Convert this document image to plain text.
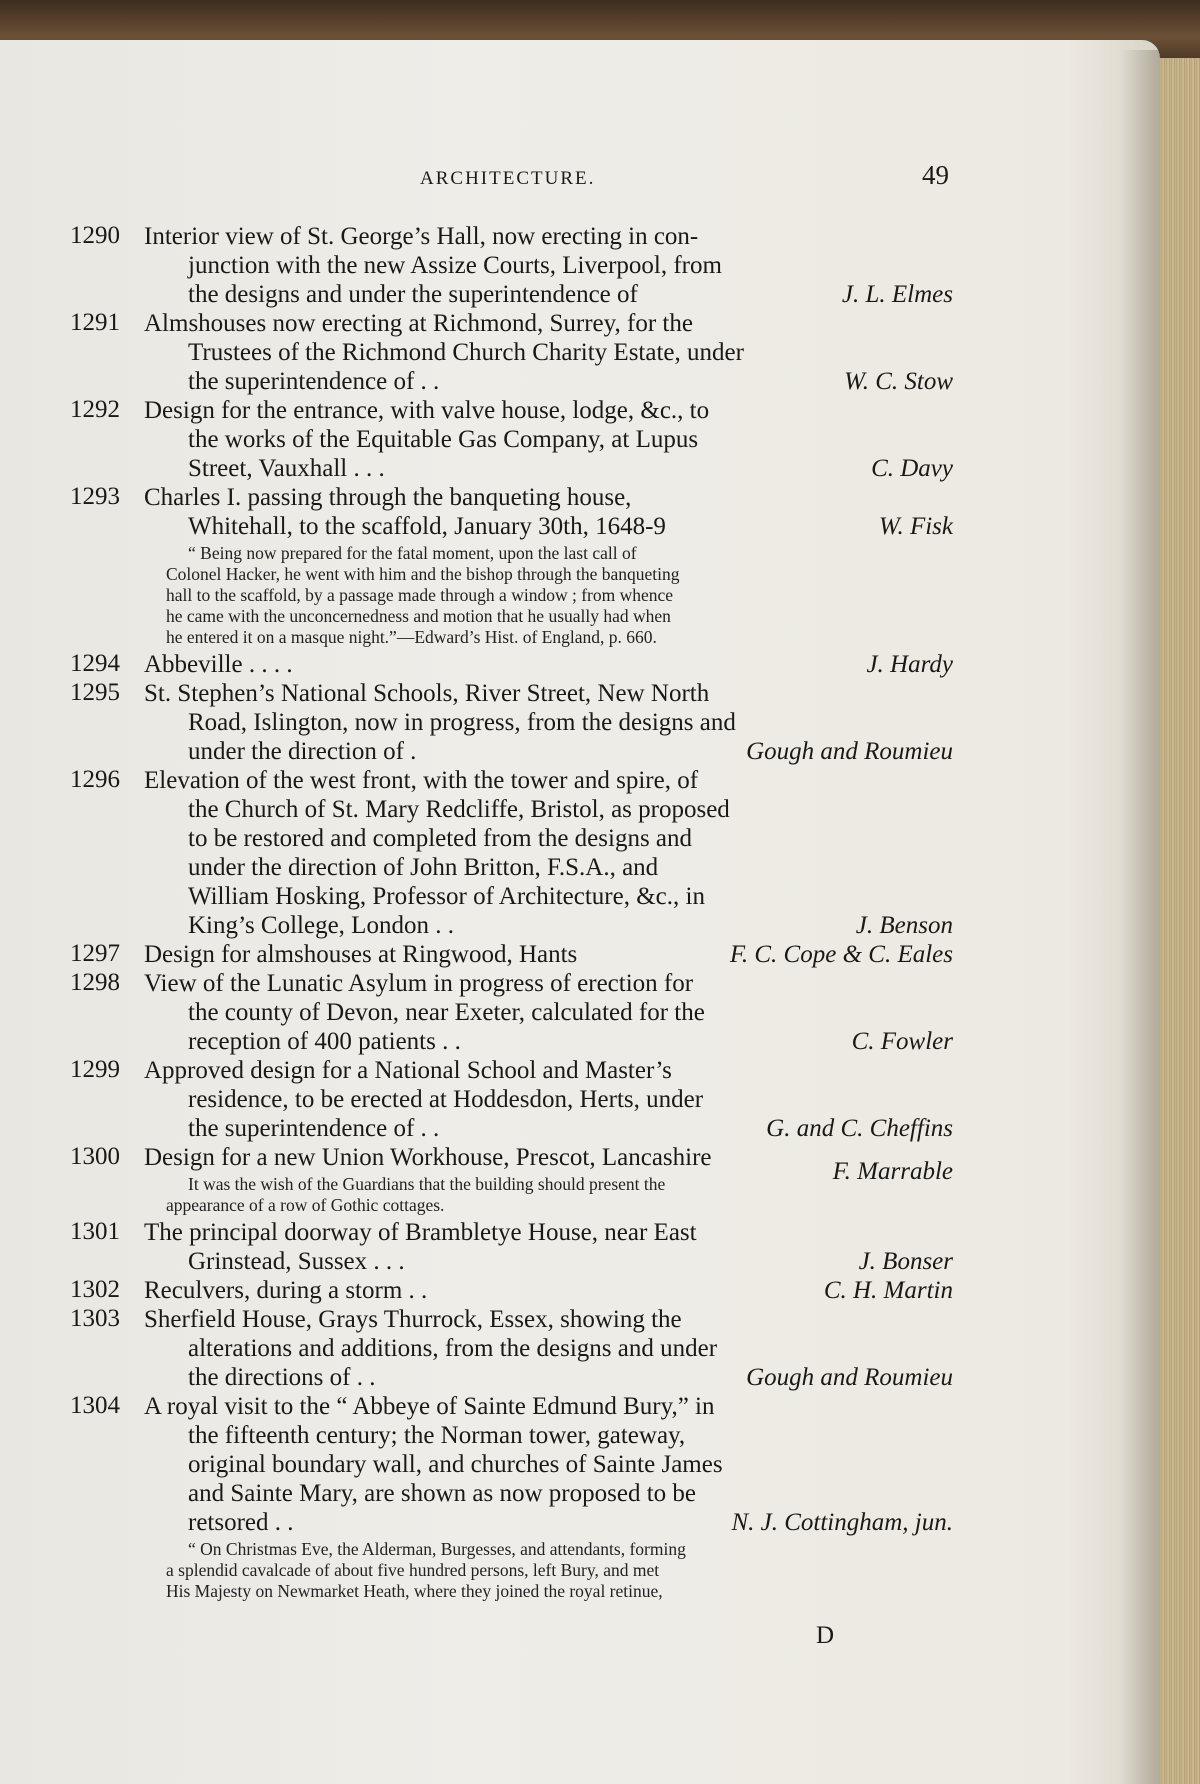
ARCHITECTURE.	49
1290 Interior view of St. George’s Hall, now erecting in con-
junction with the new Assize Courts, Liverpool, from
the designs and under the superintendence of	J. L. Elmes
1291 Almshouses now erecting at Richmond, Surrey, for the
Trustees of the Richmond Church Charity Estate, under
the superintendence of . .	W. C. Stow
1292 Design for the entrance, with valve house, lodge, &c., to
the works of the Equitable Gas Company, at Lupus
Street, Vauxhall . . .	C. Davy
1293 Charles I. passing through the banqueting house,
Whitehall, to the scaffold, January 30th, 1648-9	W. Fisk
“ Being now prepared for the fatal moment, upon the last call of
Colonel Hacker, he went with him and the bishop through the banqueting
hall to the scaffold, by a passage made through a window ; from whence
he came with the unconcernedness and motion that he usually had when
he entered it on a masque night.”—Edward’s Hist. of England, p. 660.
1294 Abbeville . . . .	J. Hardy
1295 St. Stephen’s National Schools, River Street, New North
Road, Islington, now in progress, from the designs and
under the direction of .	Gough and Roumieu
1296 Elevation of the west front, with the tower and spire, of
the Church of St. Mary Redcliffe, Bristol, as proposed
to be restored and completed from the designs and
under the direction of John Britton, F.S.A., and
William Hosking, Professor of Architecture, &c., in
King’s College, London . .	J. Benson
1297 Design for almshouses at Ringwood, Hants	F. C. Cope & C. Eales
1298 View of the Lunatic Asylum in progress of erection for
the county of Devon, near Exeter, calculated for the
reception of 400 patients . .	C. Fowler
1299 Approved design for a National School and Master’s
residence, to be erected at Hoddesdon, Herts, under
the superintendence of . .	G. and C. Cheffins
1300 Design for a new Union Workhouse, Prescot, Lancashire
F. Marrable
It was the wish of the Guardians that the building should present the
appearance of a row of Gothic cottages.
1301 The principal doorway of Brambletye House, near East
Grinstead, Sussex . . .	J. Bonser
1302 Reculvers, during a storm . .	C. H. Martin
1303 Sherfield House, Grays Thurrock, Essex, showing the
alterations and additions, from the designs and under
the directions of . .	Gough and Roumieu
1304 A royal visit to the “ Abbeye of Sainte Edmund Bury,” in
the fifteenth century; the Norman tower, gateway,
original boundary wall, and churches of Sainte James
and Sainte Mary, are shown as now proposed to be
retsored . .	N. J. Cottingham, jun.
“ On Christmas Eve, the Alderman, Burgesses, and attendants, forming
a splendid cavalcade of about five hundred persons, left Bury, and met
His Majesty on Newmarket Heath, where they joined the royal retinue,
D
